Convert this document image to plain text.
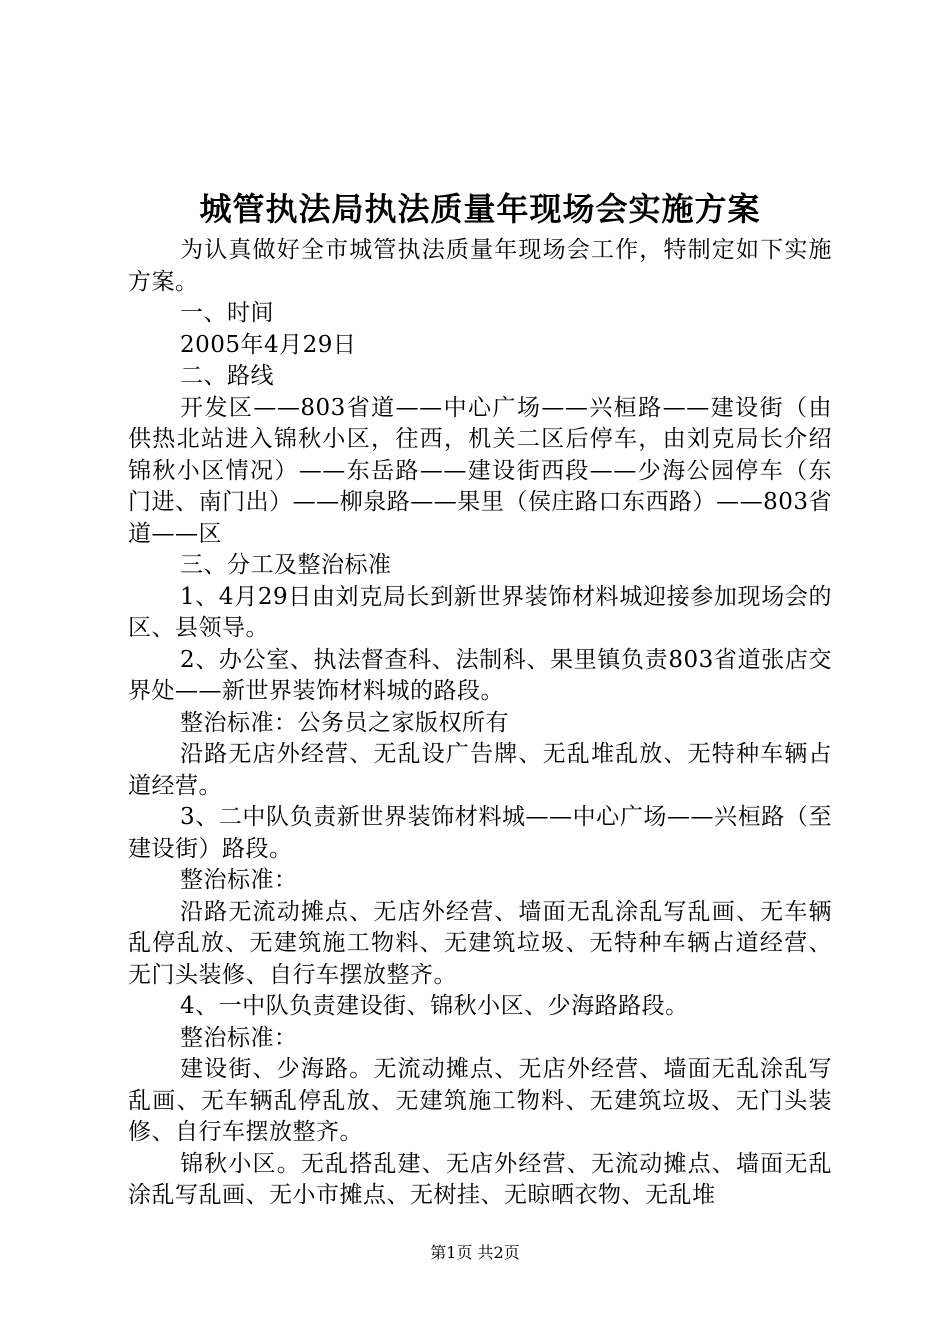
城管执法局执法质量年现场会实施方案

为认真做好全市城管执法质量年现场会工作，特制定如下实施方案。

一、时间

2005年4月29日

二、路线

开发区——803省道——中心广场——兴桓路——建设街（由供热北站进入锦秋小区，往西，机关二区后停车，由刘克局长介绍锦秋小区情况）——东岳路——建设街西段——少海公园停车（东门进、南门出）——柳泉路——果里（侯庄路口东西路）——803省道——区

三、分工及整治标准

1、4月29日由刘克局长到新世界装饰材料城迎接参加现场会的区、县领导。

2、办公室、执法督查科、法制科、果里镇负责803省道张店交界处——新世界装饰材料城的路段。

整治标准：公务员之家版权所有

沿路无店外经营、无乱设广告牌、无乱堆乱放、无特种车辆占道经营。

3、二中队负责新世界装饰材料城——中心广场——兴桓路（至建设街）路段。

整治标准：

沿路无流动摊点、无店外经营、墙面无乱涂乱写乱画、无车辆乱停乱放、无建筑施工物料、无建筑垃圾、无特种车辆占道经营、无门头装修、自行车摆放整齐。

4、一中队负责建设街、锦秋小区、少海路路段。

整治标准：

建设街、少海路。无流动摊点、无店外经营、墙面无乱涂乱写乱画、无车辆乱停乱放、无建筑施工物料、无建筑垃圾、无门头装修、自行车摆放整齐。

锦秋小区。无乱搭乱建、无店外经营、无流动摊点、墙面无乱涂乱写乱画、无小市摊点、无树挂、无晾晒衣物、无乱堆

第1页 共2页
